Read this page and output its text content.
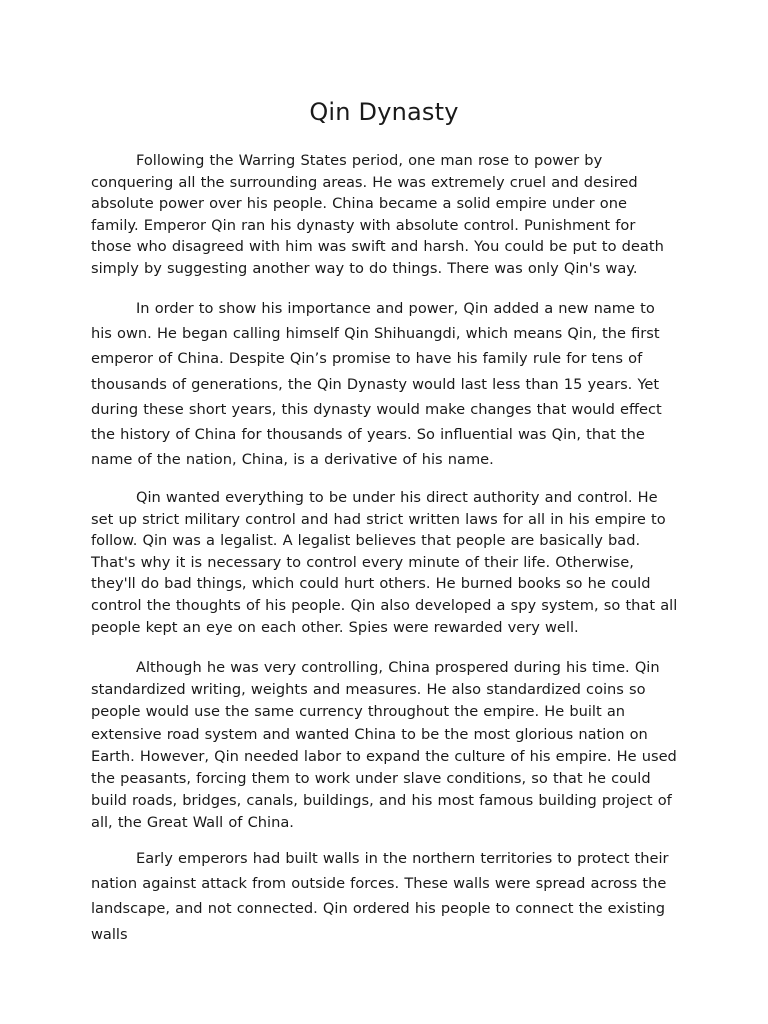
Qin Dynasty

Following the Warring States period, one man rose to power by conquering all the surrounding areas. He was extremely cruel and desired absolute power over his people. China became a solid empire under one family. Emperor Qin ran his dynasty with absolute control. Punishment for those who disagreed with him was swift and harsh. You could be put to death simply by suggesting another way to do things. There was only Qin's way.

In order to show his importance and power, Qin added a new name to his own. He began calling himself Qin Shihuangdi, which means Qin, the first emperor of China. Despite Qin’s promise to have his family rule for tens of thousands of generations, the Qin Dynasty would last less than 15 years. Yet during these short years, this dynasty would make changes that would effect the history of China for thousands of years. So influential was Qin, that the name of the nation, China, is a derivative of his name.

Qin wanted everything to be under his direct authority and control. He set up strict military control and had strict written laws for all in his empire to follow. Qin was a legalist. A legalist believes that people are basically bad. That's why it is necessary to control every minute of their life. Otherwise, they'll do bad things, which could hurt others. He burned books so he could control the thoughts of his people. Qin also developed a spy system, so that all people kept an eye on each other. Spies were rewarded very well.

Although he was very controlling, China prospered during his time. Qin standardized writing, weights and measures. He also standardized coins so people would use the same currency throughout the empire. He built an extensive road system and wanted China to be the most glorious nation on Earth. However, Qin needed labor to expand the culture of his empire. He used the peasants, forcing them to work under slave conditions, so that he could build roads, bridges, canals, buildings, and his most famous building project of all, the Great Wall of China.

Early emperors had built walls in the northern territories to protect their nation against attack from outside forces. These walls were spread across the landscape, and not connected. Qin ordered his people to connect the existing walls
